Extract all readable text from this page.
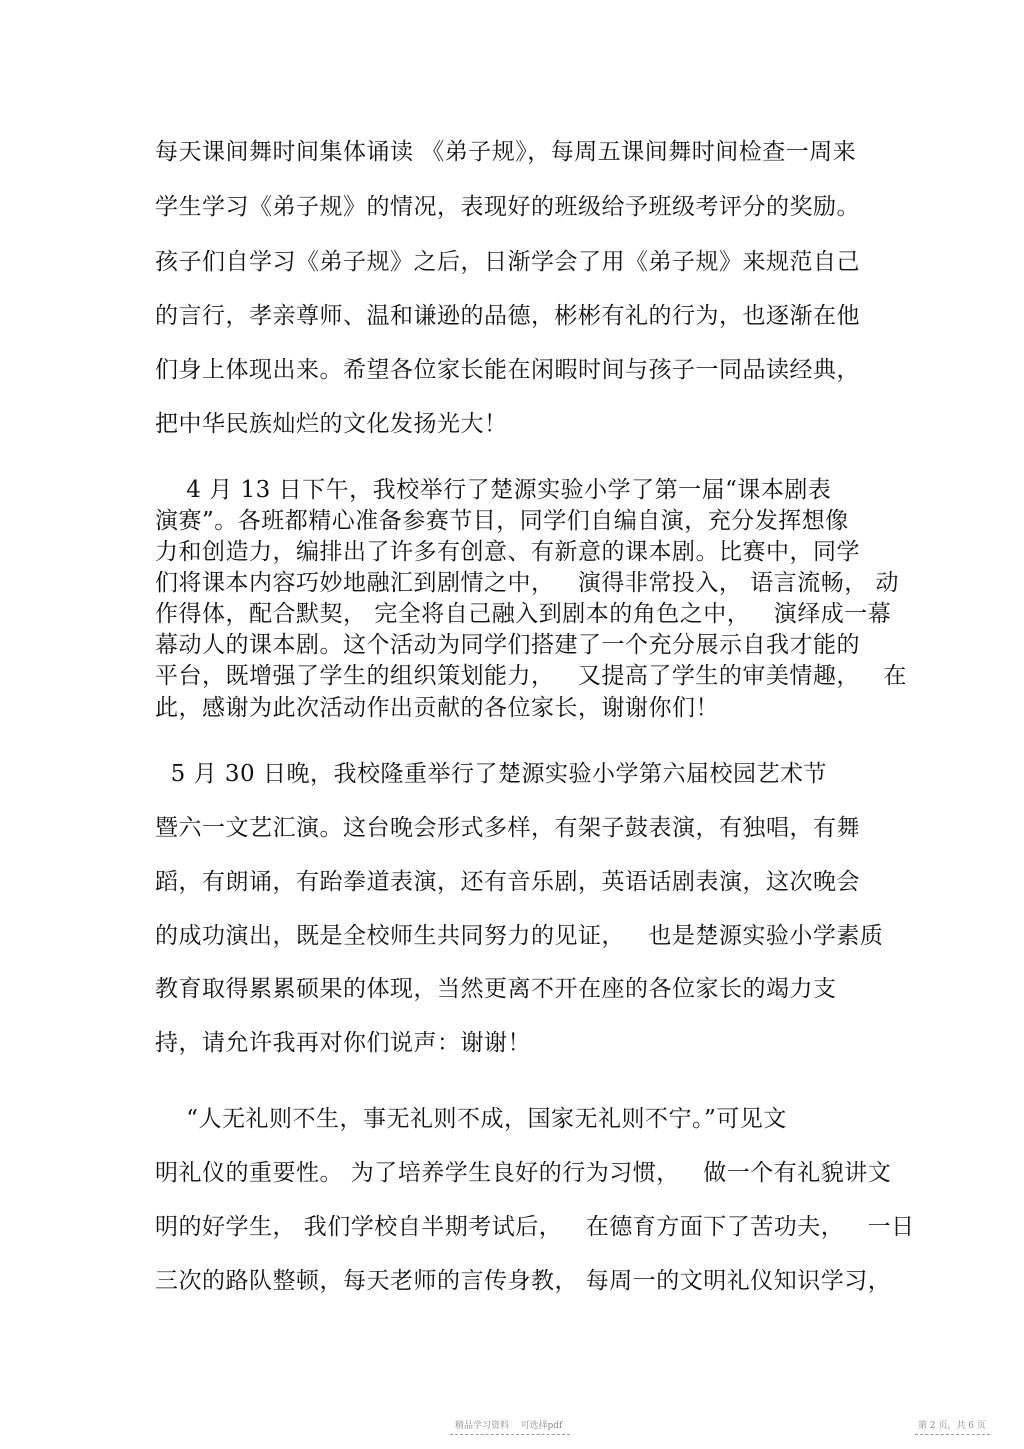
每天课间舞时间集体诵读 《弟子规》，每周五课间舞时间检查一周来
学生学习《弟子规》的情况，表现好的班级给予班级考评分的奖励。
孩子们自学习《弟子规》之后，日渐学会了用《弟子规》来规范自己
的言行，孝亲尊师、温和谦逊的品德，彬彬有礼的行为，也逐渐在他
们身上体现出来。希望各位家长能在闲暇时间与孩子一同品读经典，
把中华民族灿烂的文化发扬光大！
4 月 13 日下午，我校举行了楚源实验小学了第一届“课本剧表
演赛”。各班都精心准备参赛节目，同学们自编自演，充分发挥想像
力和创造力，编排出了许多有创意、有新意的课本剧。比赛中，同学
们将课本内容巧妙地融汇到剧情之中，   演得非常投入， 语言流畅， 动
作得体，配合默契， 完全将自己融入到剧本的角色之中，   演绎成一幕
幕动人的课本剧。这个活动为同学们搭建了一个充分展示自我才能的
平台，既增强了学生的组织策划能力，   又提高了学生的审美情趣，   在
此，感谢为此次活动作出贡献的各位家长，谢谢你们！
5 月 30 日晚，我校隆重举行了楚源实验小学第六届校园艺术节
暨六一文艺汇演。这台晚会形式多样，有架子鼓表演，有独唱，有舞
蹈，有朗诵，有跆拳道表演，还有音乐剧，英语话剧表演，这次晚会
的成功演出，既是全校师生共同努力的见证，   也是楚源实验小学素质
教育取得累累硕果的体现，当然更离不开在座的各位家长的竭力支
持，请允许我再对你们说声：谢谢！
“人无礼则不生，事无礼则不成，国家无礼则不宁。”可见文
明礼仪的重要性。 为了培养学生良好的行为习惯，   做一个有礼貌讲文
明的好学生， 我们学校自半期考试后，   在德育方面下了苦功夫，   一日
三次的路队整顿，每天老师的言传身教， 每周一的文明礼仪知识学习，
精品学习资料    可选择pdf	第 2 页，共 6 页
